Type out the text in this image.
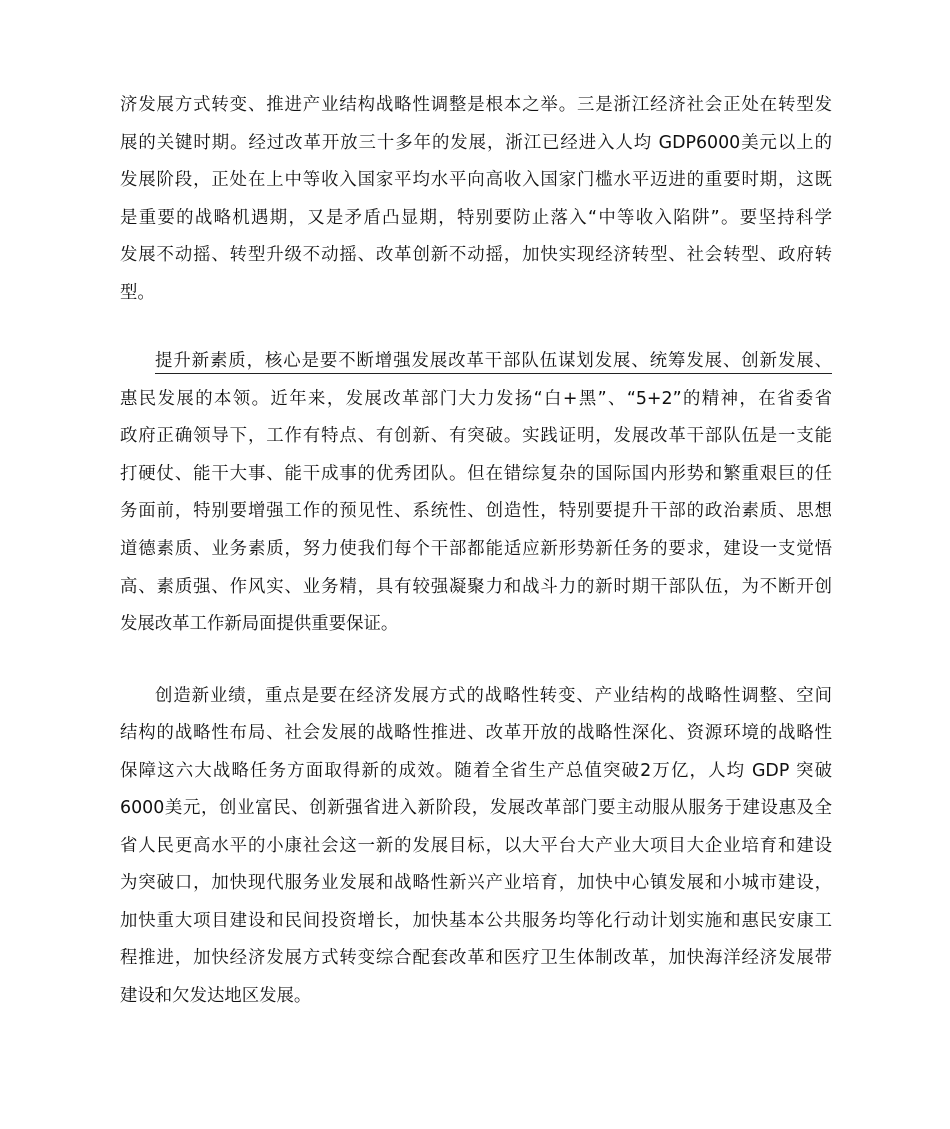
济发展方式转变、推进产业结构战略性调整是根本之举。三是浙江经济社会正处在转型发
展的关键时期。经过改革开放三十多年的发展，浙江已经进入人均 GDP6000美元以上的
发展阶段，正处在上中等收入国家平均水平向高收入国家门槛水平迈进的重要时期，这既
是重要的战略机遇期，又是矛盾凸显期，特别要防止落入“中等收入陷阱”。要坚持科学
发展不动摇、转型升级不动摇、改革创新不动摇，加快实现经济转型、社会转型、政府转
型。
提升新素质，核心是要不断增强发展改革干部队伍谋划发展、统筹发展、创新发展、
惠民发展的本领。近年来，发展改革部门大力发扬“白+黑”、“5+2”的精神，在省委省
政府正确领导下，工作有特点、有创新、有突破。实践证明，发展改革干部队伍是一支能
打硬仗、能干大事、能干成事的优秀团队。但在错综复杂的国际国内形势和繁重艰巨的任
务面前，特别要增强工作的预见性、系统性、创造性，特别要提升干部的政治素质、思想
道德素质、业务素质，努力使我们每个干部都能适应新形势新任务的要求，建设一支觉悟
高、素质强、作风实、业务精，具有较强凝聚力和战斗力的新时期干部队伍，为不断开创
发展改革工作新局面提供重要保证。
创造新业绩，重点是要在经济发展方式的战略性转变、产业结构的战略性调整、空间
结构的战略性布局、社会发展的战略性推进、改革开放的战略性深化、资源环境的战略性
保障这六大战略任务方面取得新的成效。随着全省生产总值突破2万亿，人均 GDP 突破
6000美元，创业富民、创新强省进入新阶段，发展改革部门要主动服从服务于建设惠及全
省人民更高水平的小康社会这一新的发展目标，以大平台大产业大项目大企业培育和建设
为突破口，加快现代服务业发展和战略性新兴产业培育，加快中心镇发展和小城市建设，
加快重大项目建设和民间投资增长，加快基本公共服务均等化行动计划实施和惠民安康工
程推进，加快经济发展方式转变综合配套改革和医疗卫生体制改革，加快海洋经济发展带
建设和欠发达地区发展。
